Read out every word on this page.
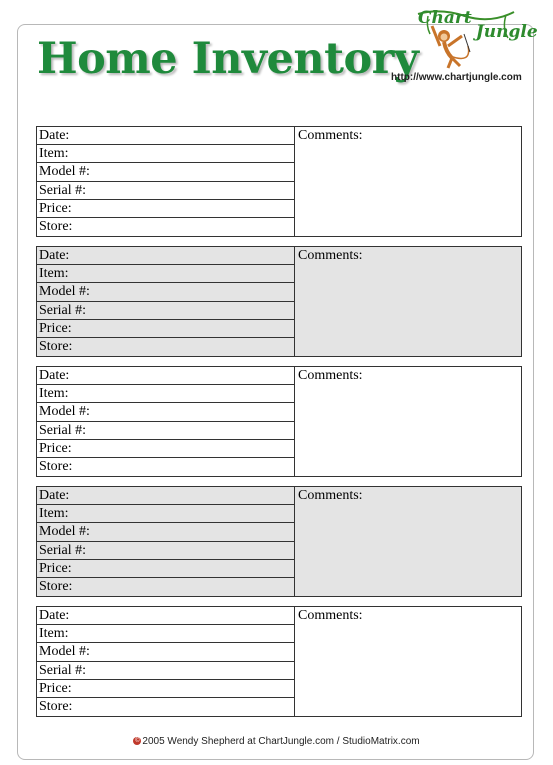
Home Inventory
ChartJungle
http://www.chartjungle.com
Date:
Item:
Model #:
Serial #:
Price:
Store:
Comments:
Date:
Item:
Model #:
Serial #:
Price:
Store:
Comments:
Date:
Item:
Model #:
Serial #:
Price:
Store:
Comments:
Date:
Item:
Model #:
Serial #:
Price:
Store:
Comments:
Date:
Item:
Model #:
Serial #:
Price:
Store:
Comments:
© 2005 Wendy Shepherd at ChartJungle.com / StudioMatrix.com
